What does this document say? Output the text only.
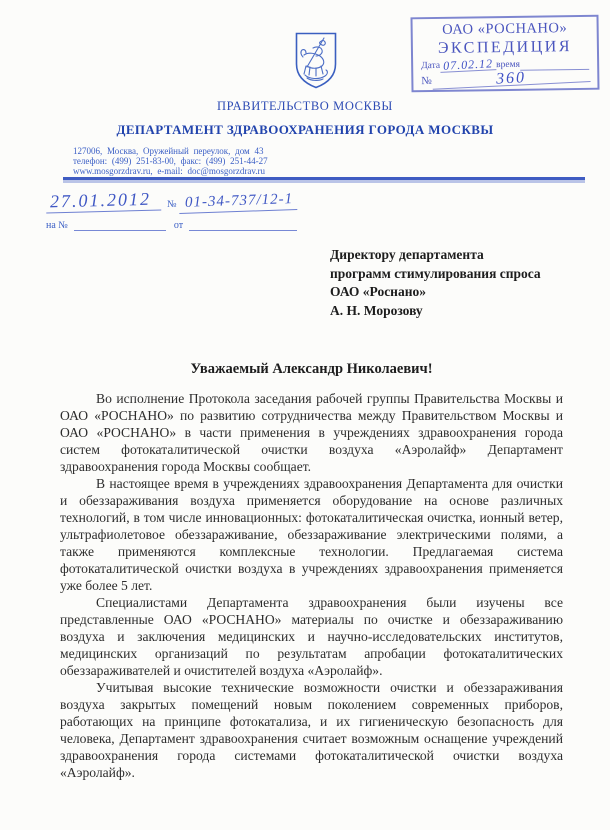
ОАО «РОСНАНО»
ЭКСПЕДИЦИЯ
Дата 07.02.12 время
№	360
ПРАВИТЕЛЬСТВО МОСКВЫ
ДЕПАРТАМЕНТ ЗДРАВООХРАНЕНИЯ ГОРОДА МОСКВЫ
127006, Москва, Оружейный переулок, дом 43
телефон: (499) 251-83-00, факс: (499) 251-44-27
www.mosgorzdrav.ru, e-mail: doc@mosgorzdrav.ru
27.01.2012	№ 01-34-737/12-1
на №	от
Директору департамента
программ стимулирования спроса
ОАО «Роснано»
А. Н. Морозову
Уважаемый Александр Николаевич!

Во исполнение Протокола заседания рабочей группы Правительства Москвы и ОАО «РОСНАНО» по развитию сотрудничества между Правительством Москвы и ОАО «РОСНАНО» в части применения в учреждениях здравоохранения города систем фотокаталитической очистки воздуха «Аэролайф» Департамент здравоохранения города Москвы сообщает.

В настоящее время в учреждениях здравоохранения Департамента для очистки и обеззараживания воздуха применяется оборудование на основе различных технологий, в том числе инновационных: фотокаталитическая очистка, ионный ветер, ультрафиолетовое обеззараживание, обеззараживание электрическими полями, а также применяются комплексные технологии. Предлагаемая система фотокаталитической очистки воздуха в учреждениях здравоохранения применяется уже более 5 лет.

Специалистами Департамента здравоохранения были изучены все представленные ОАО «РОСНАНО» материалы по очистке и обеззараживанию воздуха и заключения медицинских и научно-исследовательских институтов, медицинских организаций по результатам апробации фотокаталитических обеззараживателей и очистителей воздуха «Аэролайф».

Учитывая высокие технические возможности очистки и обеззараживания воздуха закрытых помещений новым поколением современных приборов, работающих на принципе фотокатализа, и их гигиеническую безопасность для человека, Департамент здравоохранения считает возможным оснащение учреждений здравоохранения города системами фотокаталитической очистки воздуха «Аэролайф».
